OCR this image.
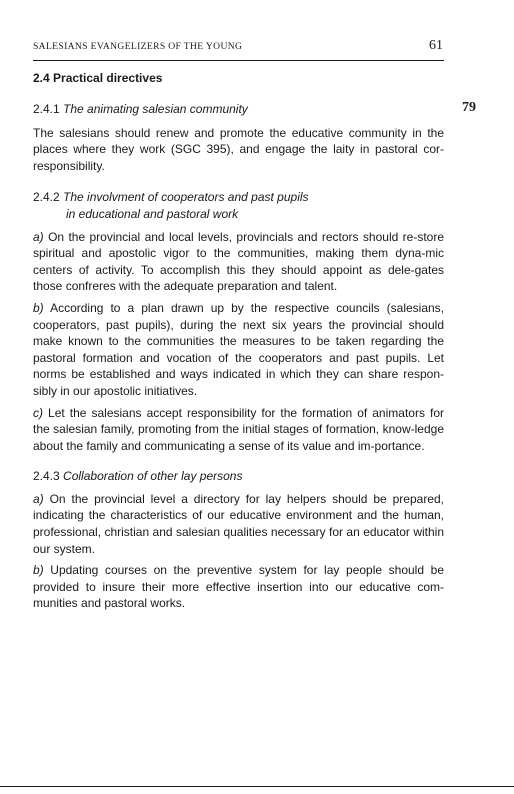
SALESIANS EVANGELIZERS OF THE YOUNG	61
79
2.4 Practical directives
2.4.1 The animating salesian community

The salesians should renew and promote the educative community in the places where they work (SGC 395), and engage the laity in pastoral cor-responsibility.

2.4.2 The involvment of cooperators and past pupils
in educational and pastoral work

a) On the provincial and local levels, provincials and rectors should re-store spiritual and apostolic vigor to the communities, making them dyna-mic centers of activity. To accomplish this they should appoint as dele-gates those confreres with the adequate preparation and talent.

b) According to a plan drawn up by the respective councils (salesians, cooperators, past pupils), during the next six years the provincial should make known to the communities the measures to be taken regarding the pastoral formation and vocation of the cooperators and past pupils. Let norms be established and ways indicated in which they can share respon-sibly in our apostolic initiatives.

c) Let the salesians accept responsibility for the formation of animators for the salesian family, promoting from the initial stages of formation, know-ledge about the family and communicating a sense of its value and im-portance.

2.4.3 Collaboration of other lay persons

a) On the provincial level a directory for lay helpers should be prepared, indicating the characteristics of our educative environment and the human, professional, christian and salesian qualities necessary for an educator within our system.

b) Updating courses on the preventive system for lay people should be provided to insure their more effective insertion into our educative com-munities and pastoral works.
